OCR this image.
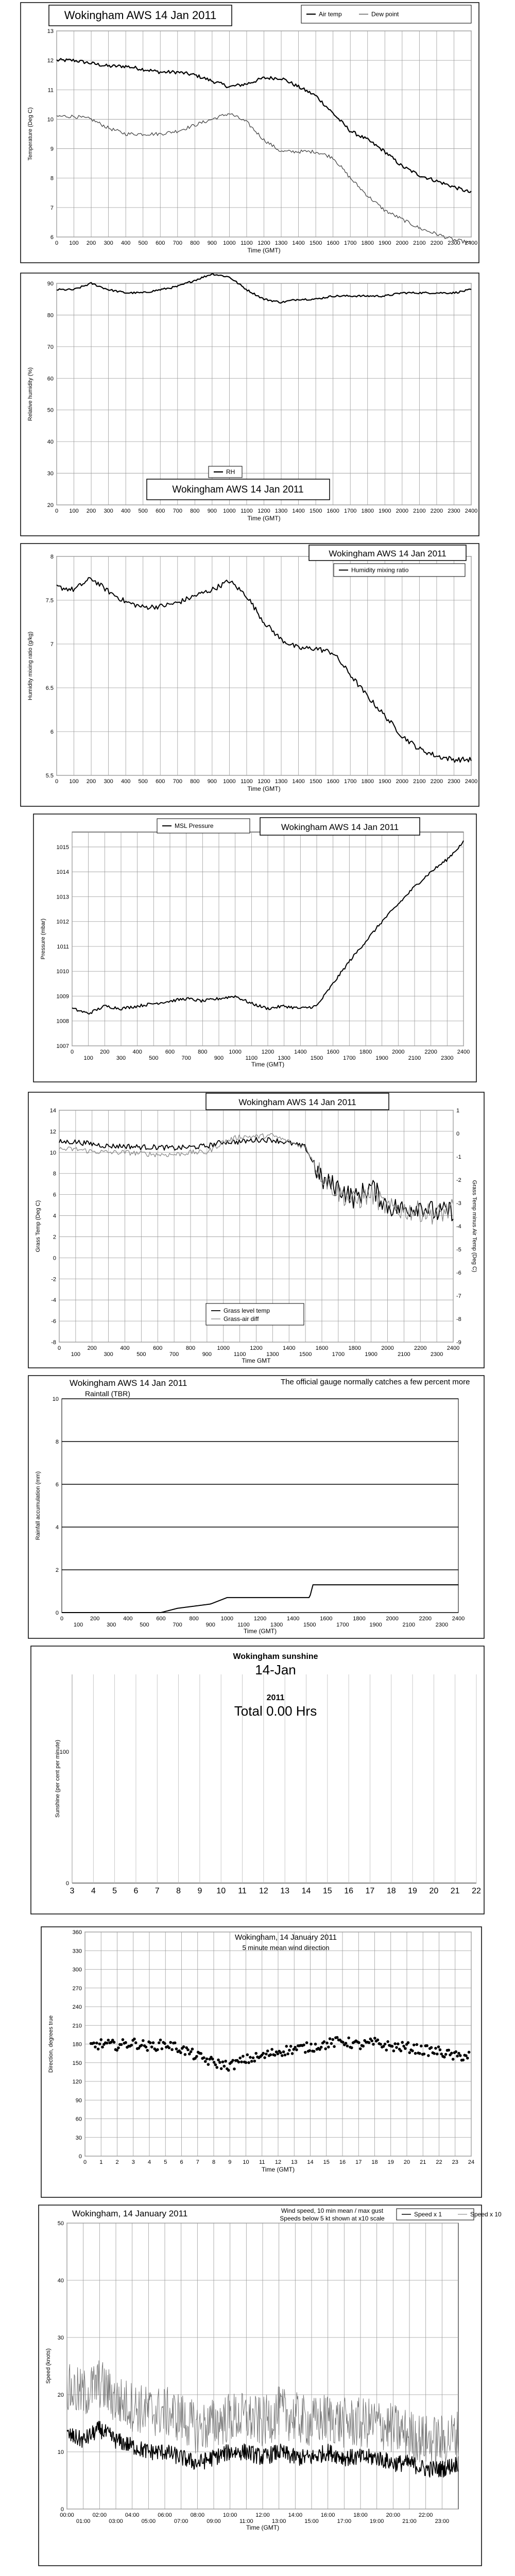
0 100 200 300 400 500 600 700 800 900 1000 1100 1200 1300 1400 1500 1600 1700 1800 1900 2000 2100 2200 2300 2400
6
7
8
9
10
11
12
13
Time (GMT)
Temperature (Deg C)
Wokingham AWS 14 Jan 2011	Air temp	Dew point
0 100 200 300 400 500 600 700 800 900 1000 1100 1200 1300 1400 1500 1600 1700 1800 1900 2000 2100 2200 2300 2400
20
30
40
50
60
70
80
90
Time (GMT)
Relative humidity (%)
RH
Wokingham AWS 14 Jan 2011
0 100 200 300 400 500 600 700 800 900 1000 1100 1200 1300 1400 1500 1600 1700 1800 1900 2000 2100 2200 2300 2400
5.5
6
6.5
7
7.5
8
Time (GMT)
Humidity mixing ratio (g/kg)
Wokingham AWS 14 Jan 2011
Humidity mixing ratio
0
100
200
300
400
500
600
700
800
900
1000
1100
1200
1300
1400
1500
1600
1700
1800
1900
2000
2100
2200
2300
2400
1007
1008
1009
1010
1011
1012
1013
1014
1015
Time (GMT)
Pressure (mbar)
Wokingham AWS 14 Jan 2011
MSL Pressure
0
100
200
300
400
500
600
700
800
900
1000
1100
1200
1300
1400
1500
1600
1700
1800
1900
2000
2100
2200
2300
2400
-8
-6
-4
-2
0
2
4
6
8
10
12
14
-9
-8
-7
-6
-5
-4
-3
-2
-1
0
1
Grass Temp minus Air Temp (Deg C)
Time GMT
Grass Temp (Deg C)
Wokingham AWS 14 Jan 2011
Grass level temp
Grass-air diff
0
100
200
300
400
500
600
700
800
900
1000
1100
1200
1300
1400
1500
1600
1700
1800
1900
2000
2100
2200
2300
2400
0
2
4
6
8
10
Time (GMT)
Rainfall accumulation (mm)
Wokingham AWS 14 Jan 2011
Raintall (TBR)
The official gauge normally catches a few percent more
3 4 5 6 7 8 9 10 11 12 13 14 15 16 17 18 19 20 21 22
0
100
Sunshine (per cent per minute)
Wokingham sunshine
14-Jan
2011
Total 0.00 Hrs
0 1 2 3 4 5 6 7 8 9 10 11 12 13 14 15 16 17 18 19 20 21 22 23 24
0
30
60
90
120
150
180
210
240
270
300
330
360
Time (GMT)
Direction, degrees true
Wokingham, 14 January 2011
5 minute mean wind direction
00:00
01:00
02:00
03:00
04:00
05:00
06:00
07:00
08:00
09:00
10:00
11:00
12:00
13:00
14:00
15:00
16:00
17:00
18:00
19:00
20:00
21:00
22:00
23:00
0
10
20
30
40
50
Time (GMT)
Speed (knots)
Speed x 1	Speed x 10
Wokingham, 14 January 2011	Wind speed, 10 min mean / max gust
Speeds below 5 kt shown at x10 scale
